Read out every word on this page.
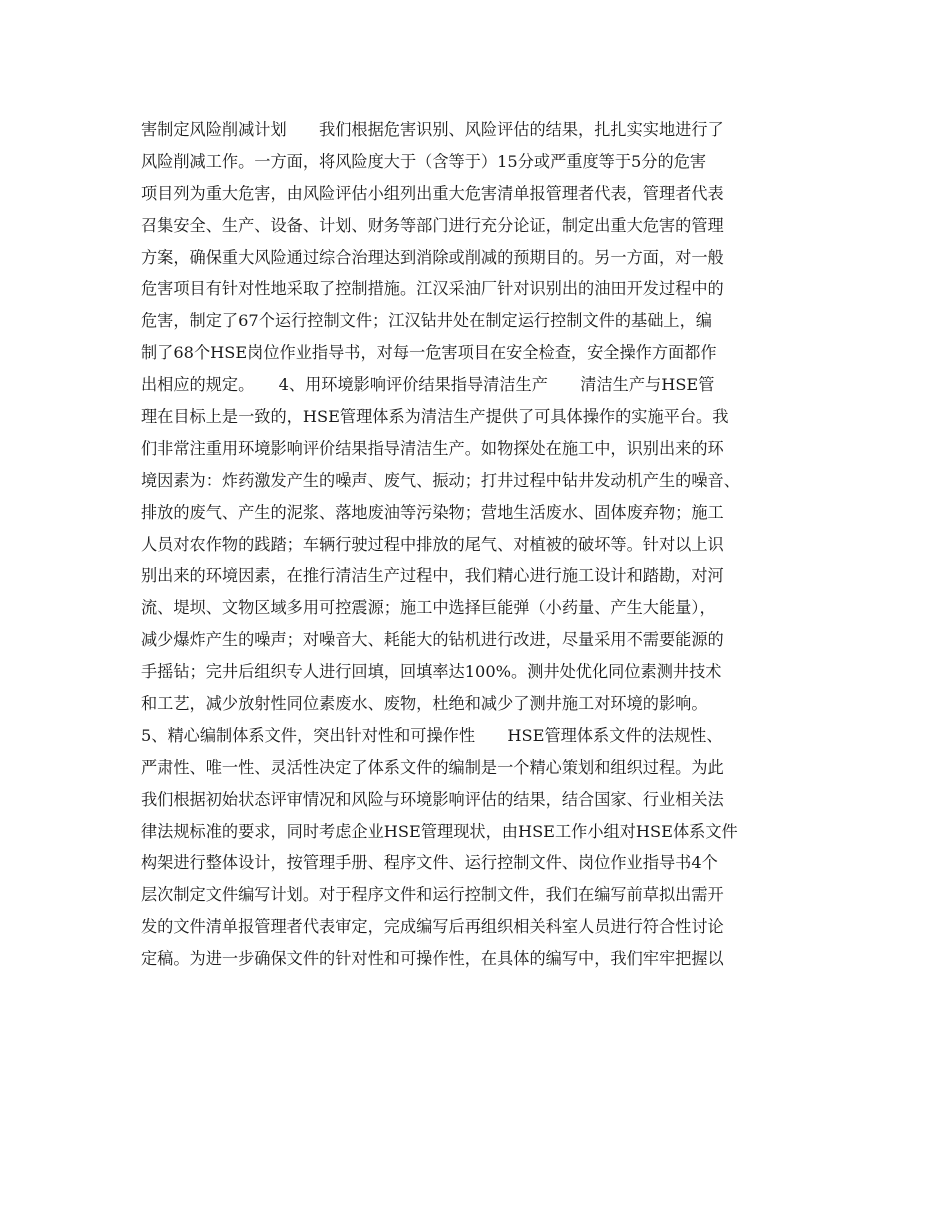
害制定风险削减计划　　我们根据危害识别、风险评估的结果，扎扎实实地进行了
风险削减工作。一方面，将风险度大于（含等于）15分或严重度等于5分的危害
项目列为重大危害，由风险评估小组列出重大危害清单报管理者代表，管理者代表
召集安全、生产、设备、计划、财务等部门进行充分论证，制定出重大危害的管理
方案，确保重大风险通过综合治理达到消除或削减的预期目的。另一方面，对一般
危害项目有针对性地采取了控制措施。江汉采油厂针对识别出的油田开发过程中的
危害，制定了67个运行控制文件；江汉钻井处在制定运行控制文件的基础上，编
制了68个HSE岗位作业指导书，对每一危害项目在安全检查，安全操作方面都作
出相应的规定。　　4、用环境影响评价结果指导清洁生产　　清洁生产与HSE管
理在目标上是一致的，HSE管理体系为清洁生产提供了可具体操作的实施平台。我
们非常注重用环境影响评价结果指导清洁生产。如物探处在施工中，识别出来的环
境因素为：炸药激发产生的噪声、废气、振动；打井过程中钻井发动机产生的噪音、
排放的废气、产生的泥浆、落地废油等污染物；营地生活废水、固体废弃物；施工
人员对农作物的践踏；车辆行驶过程中排放的尾气、对植被的破坏等。针对以上识
别出来的环境因素，在推行清洁生产过程中，我们精心进行施工设计和踏勘，对河
流、堤坝、文物区域多用可控震源；施工中选择巨能弹（小药量、产生大能量），
减少爆炸产生的噪声；对噪音大、耗能大的钻机进行改进，尽量采用不需要能源的
手摇钻；完井后组织专人进行回填，回填率达100%。测井处优化同位素测井技术
和工艺，减少放射性同位素废水、废物，杜绝和减少了测井施工对环境的影响。
5、精心编制体系文件，突出针对性和可操作性　　HSE管理体系文件的法规性、
严肃性、唯一性、灵活性决定了体系文件的编制是一个精心策划和组织过程。为此
我们根据初始状态评审情况和风险与环境影响评估的结果，结合国家、行业相关法
律法规标准的要求，同时考虑企业HSE管理现状，由HSE工作小组对HSE体系文件
构架进行整体设计，按管理手册、程序文件、运行控制文件、岗位作业指导书4个
层次制定文件编写计划。对于程序文件和运行控制文件，我们在编写前草拟出需开
发的文件清单报管理者代表审定，完成编写后再组织相关科室人员进行符合性讨论
定稿。为进一步确保文件的针对性和可操作性，在具体的编写中，我们牢牢把握以
